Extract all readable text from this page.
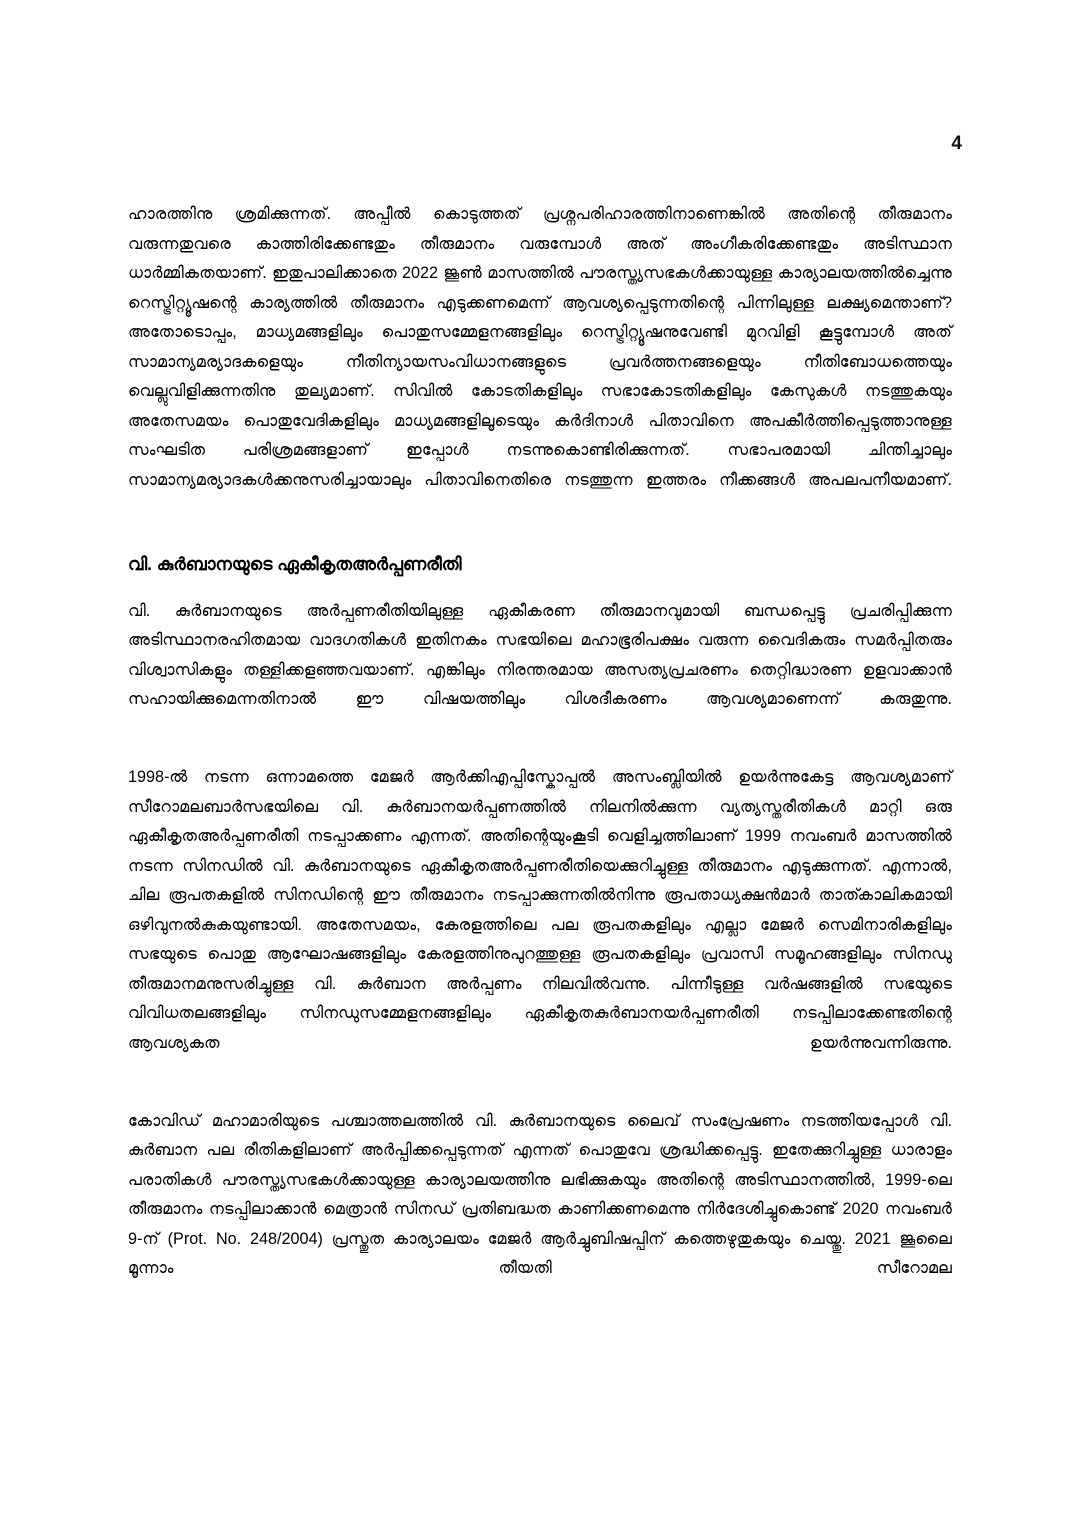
4

ഹാരത്തിനു ശ്രമിക്കുന്നത്. അപ്പീൽ കൊടുത്തത് പ്രശ്നപരിഹാരത്തിനാണെങ്കിൽ അതിന്റെ തീരുമാനം വരുന്നതുവരെ കാത്തിരിക്കേണ്ടതും തീരുമാനം വരുമ്പോൾ അത് അംഗീകരിക്കേണ്ടതും അടിസ്ഥാന ധാർമ്മികതയാണ്. ഇതുപാലിക്കാതെ 2022 ജൂൺ മാസത്തിൽ പൗരസ്ത്യസഭകൾക്കായുള്ള കാര്യാലയത്തിൽച്ചെന്നു റെസ്ട്രിറ്റ്യൂഷന്റെ കാര്യത്തിൽ തീരുമാനം എടുക്കണമെന്ന് ആവശ്യപ്പെടുന്നതിന്റെ പിന്നിലുള്ള ലക്ഷ്യമെന്താണ്? അതോടൊപ്പം, മാധ്യമങ്ങളിലും പൊതുസമ്മേളനങ്ങളിലും റെസ്ട്രിറ്റ്യൂഷനുവേണ്ടി മുറവിളി കൂട്ടുമ്പോൾ അത് സാമാന്യമര്യാദകളെയും നീതിന്യായസംവിധാനങ്ങളുടെ പ്രവർത്തനങ്ങളെയും നീതിബോധത്തെയും വെല്ലുവിളിക്കുന്നതിനു തുല്യമാണ്. സിവിൽ കോടതികളിലും സഭാകോടതികളിലും കേസുകൾ നടത്തുകയും അതേസമയം പൊതുവേദികളിലും മാധ്യമങ്ങളിലൂടെയും കർദിനാൾ പിതാവിനെ അപകീർത്തിപ്പെടുത്താനുള്ള സംഘടിത പരിശ്രമങ്ങളാണ് ഇപ്പോൾ നടന്നുകൊണ്ടിരിക്കുന്നത്. സഭാപരമായി ചിന്തിച്ചാലും സാമാന്യമര്യാദകൾക്കനുസരിച്ചായാലും പിതാവിനെതിരെ നടത്തുന്ന ഇത്തരം നീക്കങ്ങൾ അപലപനീയമാണ്.

വി. കുർബാനയുടെ ഏകീകൃതഅർപ്പണരീതി

വി. കുർബാനയുടെ അർപ്പണരീതിയിലുള്ള ഏകീകരണ തീരുമാനവുമായി ബന്ധപ്പെട്ടു പ്രചരിപ്പിക്കുന്ന അടിസ്ഥാനരഹിതമായ വാദഗതികൾ ഇതിനകം സഭയിലെ മഹാഭൂരിപക്ഷം വരുന്ന വൈദികരും സമർപ്പിതരും വിശ്വാസികളും തള്ളിക്കളഞ്ഞവയാണ്. എങ്കിലും നിരന്തരമായ അസത്യപ്രചരണം തെറ്റിദ്ധാരണ ഉളവാക്കാൻ സഹായിക്കുമെന്നതിനാൽ ഈ വിഷയത്തിലും വിശദീകരണം ആവശ്യമാണെന്ന് കരുതുന്നു.

1998-ൽ നടന്ന ഒന്നാമത്തെ മേജർ ആർക്കിഎപ്പിസ്കോപ്പൽ അസംബ്ലിയിൽ ഉയർന്നുകേട്ട ആവശ്യമാണ് സീറോമലബാർസഭയിലെ വി. കുർബാനയർപ്പണത്തിൽ നിലനിൽക്കുന്ന വ്യത്യസ്തരീതികൾ മാറ്റി ഒരു ഏകീകൃതഅർപ്പണരീതി നടപ്പാക്കണം എന്നത്. അതിന്റെയുംകൂടി വെളിച്ചത്തിലാണ് 1999 നവംബർ മാസത്തിൽ നടന്ന സിനഡിൽ വി. കുർബാനയുടെ ഏകീകൃതഅർപ്പണരീതിയെക്കുറിച്ചുള്ള തീരുമാനം എടുക്കുന്നത്. എന്നാൽ, ചില രൂപതകളിൽ സിനഡിന്റെ ഈ തീരുമാനം നടപ്പാക്കുന്നതിൽനിന്നു രൂപതാധ്യക്ഷൻമാർ താത്കാലികമായി ഒഴിവുനൽകുകയുണ്ടായി. അതേസമയം, കേരളത്തിലെ പല രൂപതകളിലും എല്ലാ മേജർ സെമിനാരികളിലും സഭയുടെ പൊതു ആഘോഷങ്ങളിലും കേരളത്തിനുപുറത്തുള്ള രൂപതകളിലും പ്രവാസി സമൂഹങ്ങളിലും സിനഡു തീരുമാനമനുസരിച്ചുള്ള വി. കുർബാന അർപ്പണം നിലവിൽവന്നു. പിന്നീടുള്ള വർഷങ്ങളിൽ സഭയുടെ വിവിധതലങ്ങളിലും സിനഡുസമ്മേളനങ്ങളിലും ഏകീകൃതകുർബാനയർപ്പണരീതി നടപ്പിലാക്കേണ്ടതിന്റെ ആവശ്യകത ഉയർന്നുവന്നിരുന്നു.

കോവിഡ് മഹാമാരിയുടെ പശ്ചാത്തലത്തിൽ വി. കുർബാനയുടെ ലൈവ് സംപ്രേഷണം നടത്തിയപ്പോൾ വി. കുർബാന പല രീതികളിലാണ് അർപ്പിക്കപ്പെടുന്നത് എന്നത് പൊതുവേ ശ്രദ്ധിക്കപ്പെട്ടു. ഇതേക്കുറിച്ചുള്ള ധാരാളം പരാതികൾ പൗരസ്ത്യസഭകൾക്കായുള്ള കാര്യാലയത്തിനു ലഭിക്കുകയും അതിന്റെ അടിസ്ഥാനത്തിൽ, 1999-ലെ തീരുമാനം നടപ്പിലാക്കാൻ മെത്രാൻ സിനഡ് പ്രതിബദ്ധത കാണിക്കണമെന്നു നിർദേശിച്ചുകൊണ്ട് 2020 നവംബർ 9-ന് (Prot. No. 248/2004) പ്രസ്തുത കാര്യാലയം മേജർ ആർച്ചുബിഷപ്പിന് കത്തെഴുതുകയും ചെയ്തു. 2021 ജൂലൈ മൂന്നാം തീയതി സീറോമല
